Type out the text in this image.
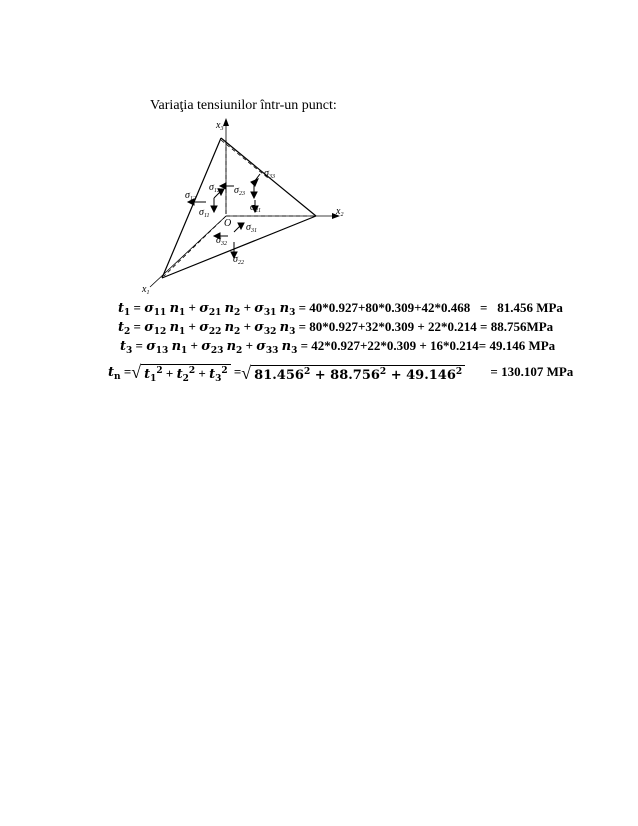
Variaţia tensiunilor într-un punct:
$x_3$
$x_2$
$x_1$
O
$\sigma_{33}$
$\sigma_{13}$ $\sigma_{23}$
$\sigma_{12}$
$\sigma_{11}$
$\sigma_{21}$
$\sigma_{31}$
$\sigma_{32}$
$\sigma_{22}$
$t_1 = \sigma_{11}$ $n_1 + \sigma_{21}$ $n_2 + \sigma_{31}$ $n_3 = 40*0.927+80*0.309+42*0.468 = 81.456$ MPa
$t_2 = \sigma_{12}$ $n_1 + \sigma_{22}$ $n_2 + \sigma_{32}$ $n_3 = 80*0.927+32*0.309 + 22*0.214 = 88.756MPa$
$t_3 = \sigma_{13}$ $n_1 + \sigma_{23}$ $n_2 + \sigma_{33}$ $n_3 = 42*0.927+22*0.309 + 16*0.214= 49.146$ MPa
$t_n$ =√ $t_1^2 + t_2^2 + t_3^2$ =√ $81.456^2 + 88.756^2 + 49.146^2 = 130.107$ MPa
